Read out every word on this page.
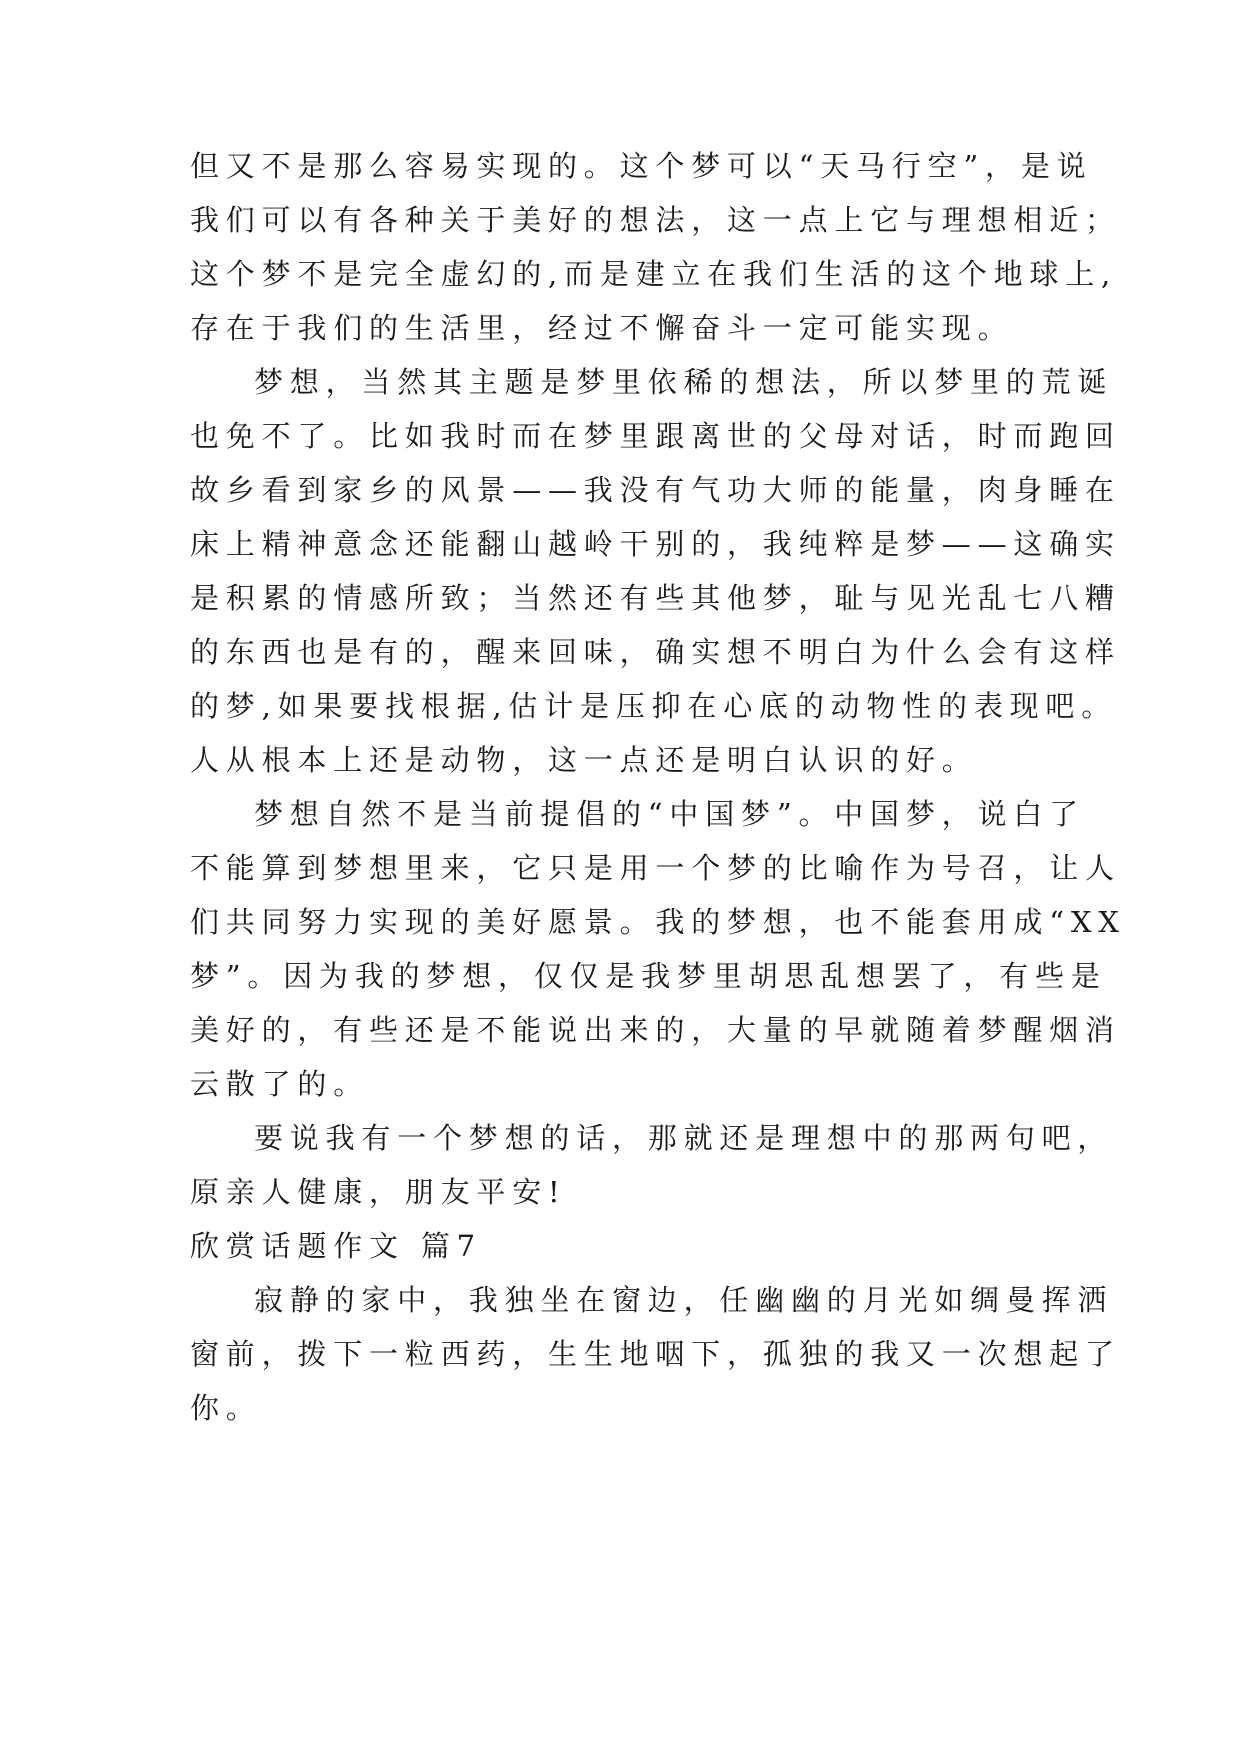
但又不是那么容易实现的。这个梦可以“天马行空”，是说
我们可以有各种关于美好的想法，这一点上它与理想相近；
这个梦不是完全虚幻的,而是建立在我们生活的这个地球上,
存在于我们的生活里，经过不懈奋斗一定可能实现。
梦想，当然其主题是梦里依稀的想法，所以梦里的荒诞
也免不了。比如我时而在梦里跟离世的父母对话，时而跑回
故乡看到家乡的风景——我没有气功大师的能量，肉身睡在
床上精神意念还能翻山越岭干别的，我纯粹是梦——这确实
是积累的情感所致；当然还有些其他梦，耻与见光乱七八糟
的东西也是有的，醒来回味，确实想不明白为什么会有这样
的梦,如果要找根据,估计是压抑在心底的动物性的表现吧。
人从根本上还是动物，这一点还是明白认识的好。
梦想自然不是当前提倡的“中国梦”。中国梦，说白了
不能算到梦想里来，它只是用一个梦的比喻作为号召，让人
们共同努力实现的美好愿景。我的梦想，也不能套用成“XX
梦”。因为我的梦想，仅仅是我梦里胡思乱想罢了，有些是
美好的，有些还是不能说出来的，大量的早就随着梦醒烟消
云散了的。
要说我有一个梦想的话，那就还是理想中的那两句吧，
原亲人健康，朋友平安!
欣赏话题作文 篇7
寂静的家中，我独坐在窗边，任幽幽的月光如绸曼挥洒
窗前，拨下一粒西药，生生地咽下，孤独的我又一次想起了
你。
